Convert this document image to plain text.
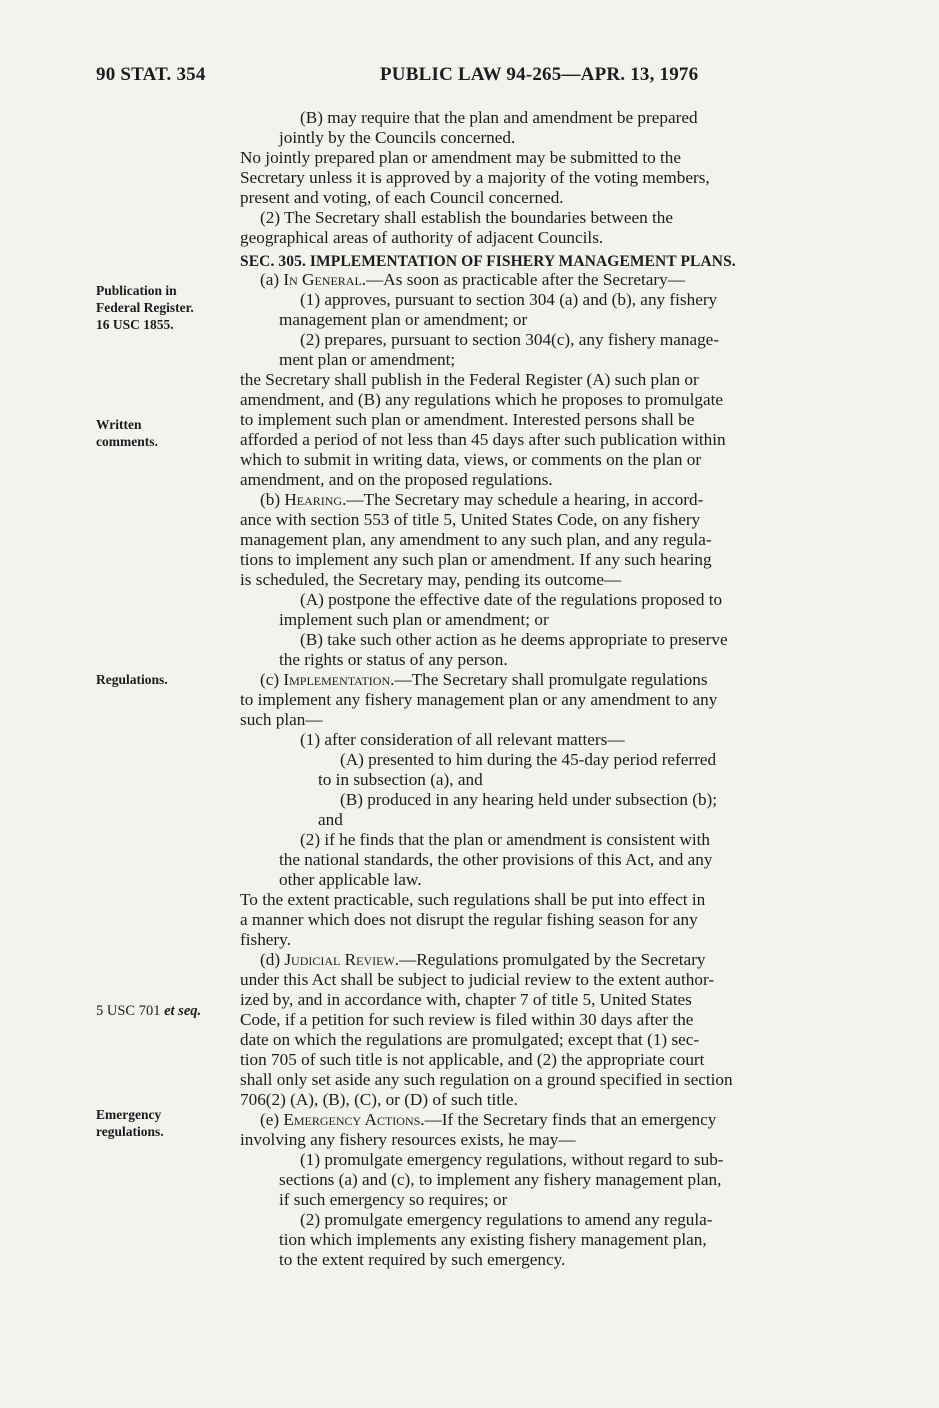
90 STAT. 354	PUBLIC LAW 94-265—APR. 13, 1976
Publication in
Federal Register.
16 USC 1855.
Written
comments.
Regulations.
5 USC 701 et seq.
Emergency
regulations.
(B) may require that the plan and amendment be prepared
jointly by the Councils concerned.
No jointly prepared plan or amendment may be submitted to the
Secretary unless it is approved by a majority of the voting members,
present and voting, of each Council concerned.
(2) The Secretary shall establish the boundaries between the
geographical areas of authority of adjacent Councils.
SEC. 305. IMPLEMENTATION OF FISHERY MANAGEMENT PLANS.
(a) In General.—As soon as practicable after the Secretary—
(1) approves, pursuant to section 304 (a) and (b), any fishery
management plan or amendment; or
(2) prepares, pursuant to section 304(c), any fishery manage-
ment plan or amendment;
the Secretary shall publish in the Federal Register (A) such plan or
amendment, and (B) any regulations which he proposes to promulgate
to implement such plan or amendment. Interested persons shall be
afforded a period of not less than 45 days after such publication within
which to submit in writing data, views, or comments on the plan or
amendment, and on the proposed regulations.
(b) Hearing.—The Secretary may schedule a hearing, in accord-
ance with section 553 of title 5, United States Code, on any fishery
management plan, any amendment to any such plan, and any regula-
tions to implement any such plan or amendment. If any such hearing
is scheduled, the Secretary may, pending its outcome—
(A) postpone the effective date of the regulations proposed to
implement such plan or amendment; or
(B) take such other action as he deems appropriate to preserve
the rights or status of any person.
(c) Implementation.—The Secretary shall promulgate regulations
to implement any fishery management plan or any amendment to any
such plan—
(1) after consideration of all relevant matters—
(A) presented to him during the 45-day period referred
to in subsection (a), and
(B) produced in any hearing held under subsection (b);
and
(2) if he finds that the plan or amendment is consistent with
the national standards, the other provisions of this Act, and any
other applicable law.
To the extent practicable, such regulations shall be put into effect in
a manner which does not disrupt the regular fishing season for any
fishery.
(d) Judicial Review.—Regulations promulgated by the Secretary
under this Act shall be subject to judicial review to the extent author-
ized by, and in accordance with, chapter 7 of title 5, United States
Code, if a petition for such review is filed within 30 days after the
date on which the regulations are promulgated; except that (1) sec-
tion 705 of such title is not applicable, and (2) the appropriate court
shall only set aside any such regulation on a ground specified in section
706(2) (A), (B), (C), or (D) of such title.
(e) Emergency Actions.—If the Secretary finds that an emergency
involving any fishery resources exists, he may—
(1) promulgate emergency regulations, without regard to sub-
sections (a) and (c), to implement any fishery management plan,
if such emergency so requires; or
(2) promulgate emergency regulations to amend any regula-
tion which implements any existing fishery management plan,
to the extent required by such emergency.
